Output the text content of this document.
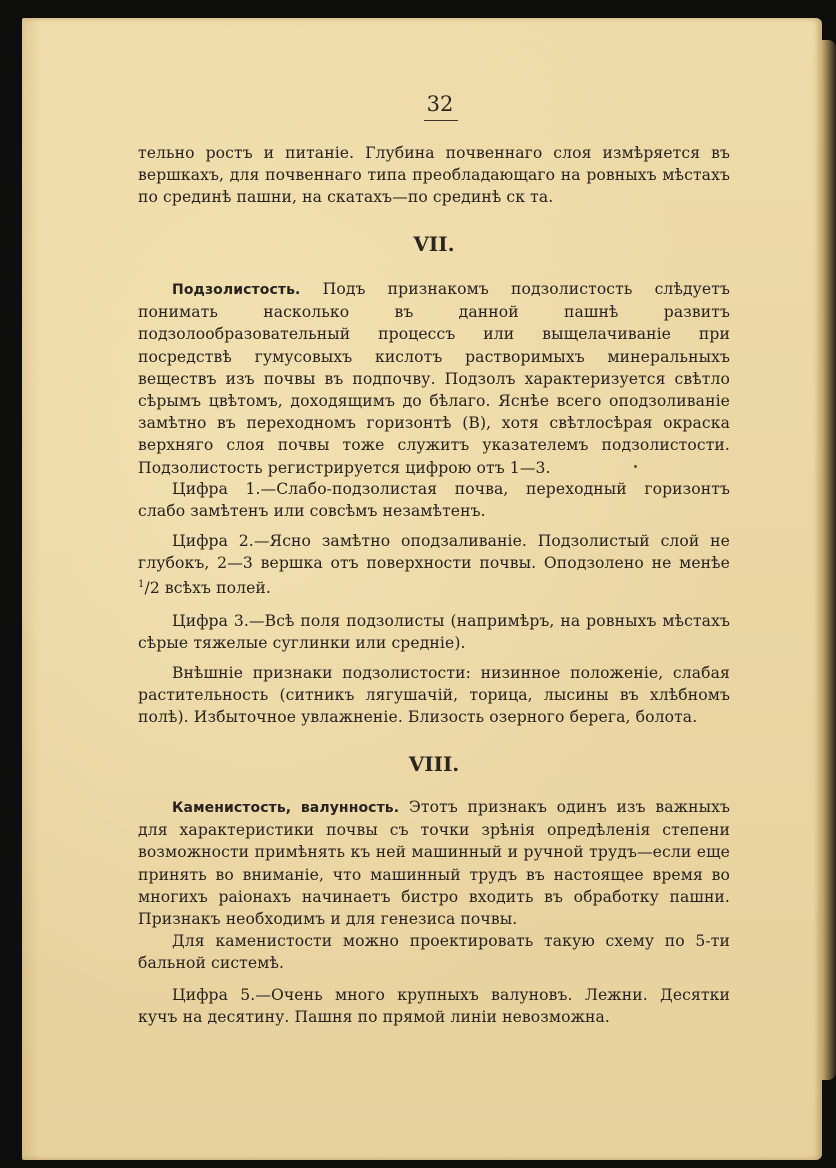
32

тельно ростъ и питаніе. Глубина почвеннаго слоя измѣряется въ вершкахъ, для почвеннаго типа преобладающаго на ровныхъ мѣстахъ по срединѣ пашни, на скатахъ—по срединѣ ск та.

VII.

Подзолистость. Подъ признакомъ подзолистость слѣдуетъ понимать насколько въ данной пашнѣ развитъ подзолообразовательный процессъ или выщелачиваніе при посредствѣ гумусовыхъ кислотъ растворимыхъ минеральныхъ веществъ изъ почвы въ подпочву. Подзолъ характеризуется свѣтло сѣрымъ цвѣтомъ, доходящимъ до бѣлаго. Яснѣе всего оподзоливаніе замѣтно въ переходномъ горизонтѣ (В), хотя свѣтлосѣрая окраска верхняго слоя почвы тоже служитъ указателемъ подзолистости. Подзолистость регистрируется цифрою отъ 1—3.

Цифра 1.—Слабо-подзолистая почва, переходный горизонтъ слабо замѣтенъ или совсѣмъ незамѣтенъ.

Цифра 2.—Ясно замѣтно оподзаливаніе. Подзолистый слой не глубокъ, 2—3 вершка отъ поверхности почвы. Оподзолено не менѣе $^1$/2 всѣхъ полей.

Цифра 3.—Всѣ поля подзолисты (напримѣръ, на ровныхъ мѣстахъ сѣрые тяжелые суглинки или средніе).

Внѣшніе признаки подзолистости: низинное положеніе, слабая растительность (ситникъ лягушачій, торица, лысины въ хлѣбномъ полѣ). Избыточное увлажненіе. Близость озерного берега, болота.

VIII.

Каменистость, валунность. Этотъ признакъ одинъ изъ важныхъ для характеристики почвы съ точки зрѣнія опредѣленія степени возможности примѣнять къ ней машинный и ручной трудъ—если еще принять во вниманіе, что машинный трудъ въ настоящее время во многихъ раіонахъ начинаетъ бистро входить въ обработку пашни. Признакъ необходимъ и для генезиса почвы.

Для каменистости можно проектировать такую схему по 5-ти бальной системѣ.

Цифра 5.—Очень много крупныхъ валуновъ. Лежни. Десятки кучъ на десятину. Пашня по прямой линіи невозможна.
